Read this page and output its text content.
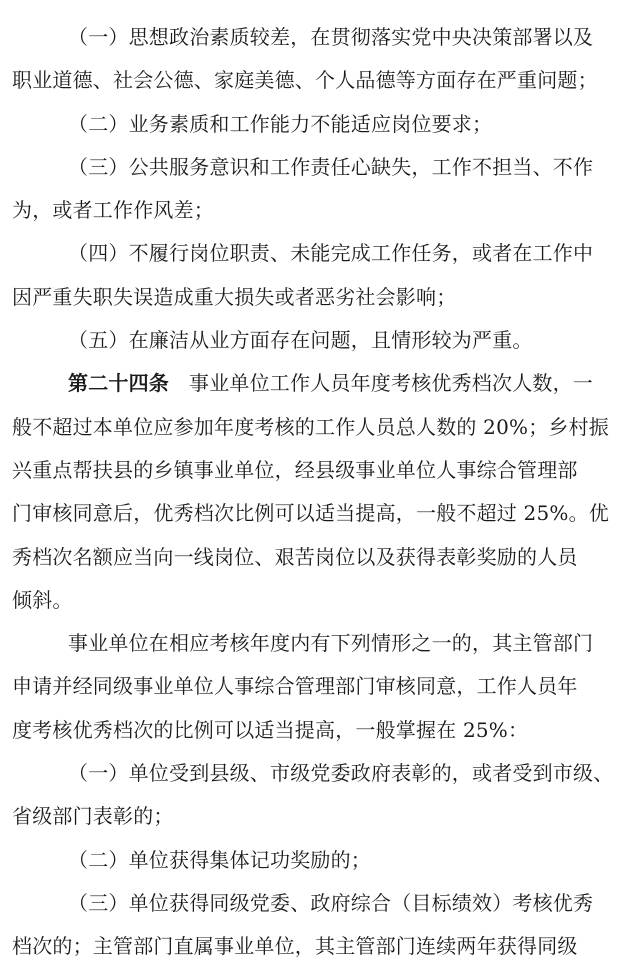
（一）思想政治素质较差，在贯彻落实党中央决策部署以及
职业道德、社会公德、家庭美德、个人品德等方面存在严重问题；
（二）业务素质和工作能力不能适应岗位要求；
（三）公共服务意识和工作责任心缺失，工作不担当、不作
为，或者工作作风差；
（四）不履行岗位职责、未能完成工作任务，或者在工作中
因严重失职失误造成重大损失或者恶劣社会影响；
（五）在廉洁从业方面存在问题，且情形较为严重。
第二十四条 事业单位工作人员年度考核优秀档次人数，一
般不超过本单位应参加年度考核的工作人员总人数的 20%；乡村振
兴重点帮扶县的乡镇事业单位，经县级事业单位人事综合管理部
门审核同意后，优秀档次比例可以适当提高，一般不超过 25%。优
秀档次名额应当向一线岗位、艰苦岗位以及获得表彰奖励的人员
倾斜。
事业单位在相应考核年度内有下列情形之一的，其主管部门
申请并经同级事业单位人事综合管理部门审核同意，工作人员年
度考核优秀档次的比例可以适当提高，一般掌握在 25%：
（一）单位受到县级、市级党委政府表彰的，或者受到市级、
省级部门表彰的；
（二）单位获得集体记功奖励的；
（三）单位获得同级党委、政府综合（目标绩效）考核优秀
档次的；主管部门直属事业单位，其主管部门连续两年获得同级
